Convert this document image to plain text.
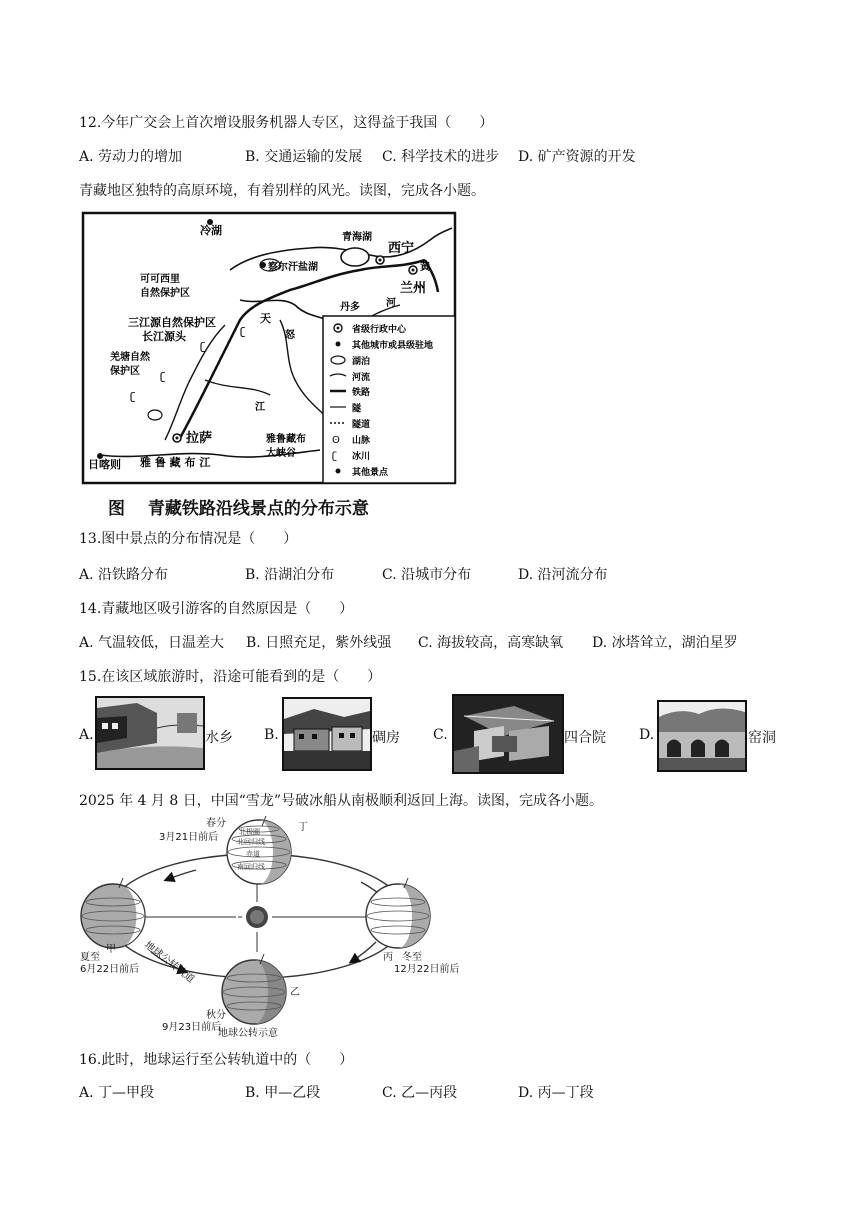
12.今年广交会上首次增设服务机器人专区，这得益于我国（　　）
A. 劳动力的增加	B. 交通运输的发展 C. 科学技术的进步 D. 矿产资源的开发
青藏地区独特的高原环境，有着别样的风光。读图，完成各小题。
ʗ
ʗ
ʗ
ʗ
冷湖
青海湖
西宁
兰州
察尔汗盐湖
可可西里
自然保护区
三江源自然保护区
长江源头
羌塘自然
保护区
拉萨
日喀则
雅鲁藏布
大峡谷
黄
河
天
丹多
怒
江
雅 鲁 藏 布 江
ʘ
ʗ
省级行政中心
其他城市或县级驻地
湖泊
河流
铁路
隧
隧道
山脉
冰川
其他景点
图　 青藏铁路沿线景点的分布示意
13.图中景点的分布情况是（　　）
A. 沿铁路分布	B. 沿湖泊分布	C. 沿城市分布	D. 沿河流分布
14.青藏地区吸引游客的自然原因是（　　）
A. 气温较低，日温差大 B. 日照充足，紫外线强 C. 海拔较高，高寒缺氧 D. 冰塔耸立，湖泊星罗
15.在该区域旅游时，沿途可能看到的是（　　）
A.	水乡 B.	碉房 C.	四合院 D.	窑洞
2025 年 4 月 8 日，中国“雪龙”号破冰船从南极顺利返回上海。读图，完成各小题。
北极圈
北回归线
赤道
南回归线
春分
3月21日前后
夏至
6月22日前后
秋分
9月23日前后
冬至
12月22日前后
甲
乙
丙
丁
地球公转示意
地球公转轨道
16.此时，地球运行至公转轨道中的（　　）
A. 丁—甲段	B. 甲—乙段	C. 乙—丙段	D. 丙—丁段
